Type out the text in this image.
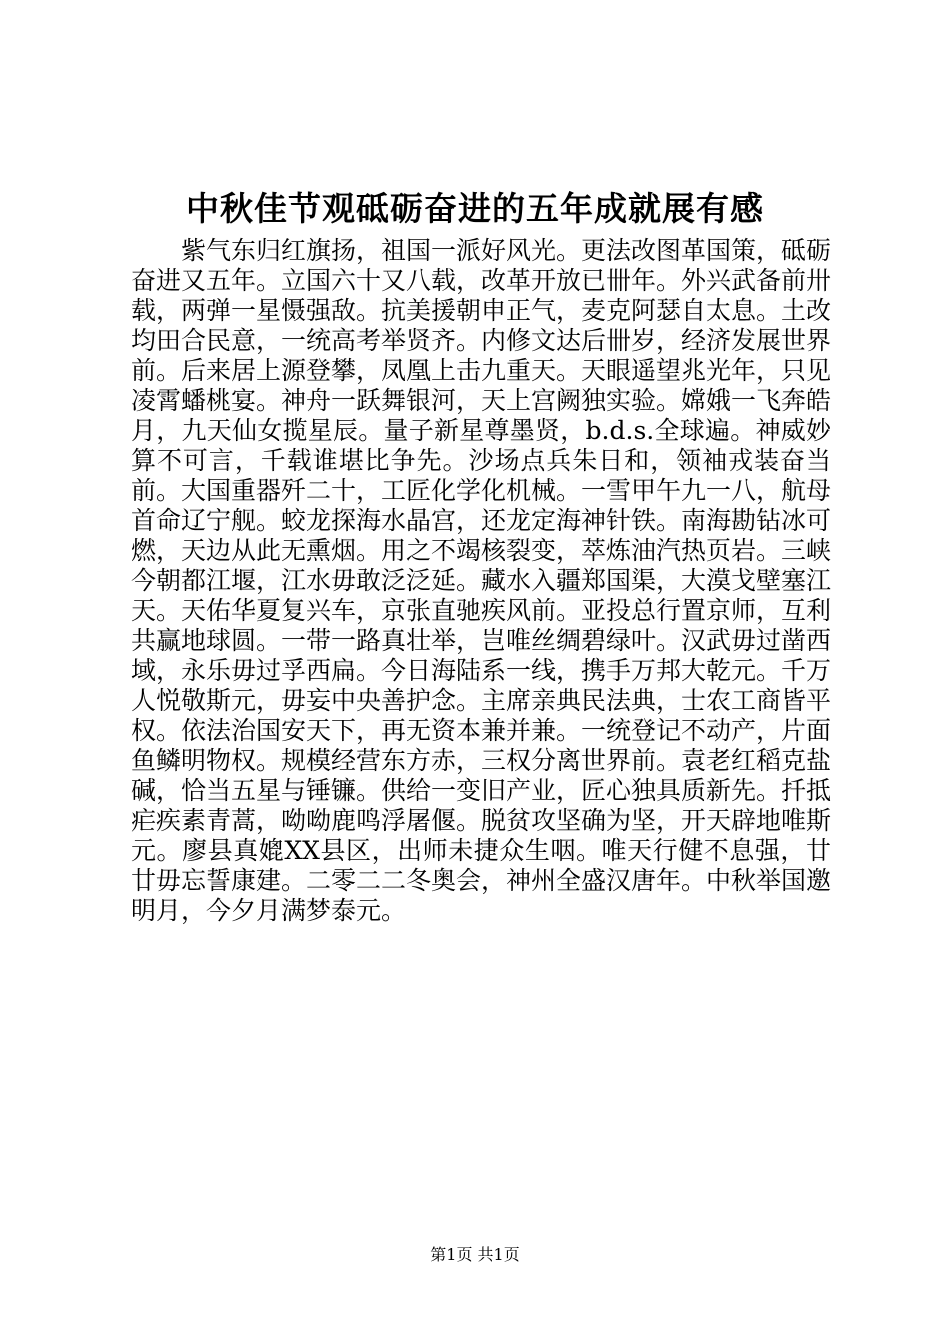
中秋佳节观砥砺奋进的五年成就展有感

紫气东归红旗扬，祖国一派好风光。更法改图革国策，砥砺奋进又五年。立国六十又八载，改革开放已卌年。外兴武备前卅载，两弹一星慑强敌。抗美援朝申正气，麦克阿瑟自太息。土改均田合民意，一统高考举贤齐。内修文达后卌岁，经济发展世界前。后来居上源登攀，凤凰上击九重天。天眼遥望兆光年，只见凌霄蟠桃宴。神舟一跃舞银河，天上宫阙独实验。嫦娥一飞奔皓月，九天仙女揽星辰。量子新星尊墨贤，b.d.s.全球遍。神威妙算不可言，千载谁堪比争先。沙场点兵朱日和，领袖戎装奋当前。大国重器歼二十，工匠化学化机械。一雪甲午九一八，航母首命辽宁舰。蛟龙探海水晶宫，还龙定海神针铁。南海勘钻冰可燃，天边从此无熏烟。用之不竭核裂变，萃炼油汽热页岩。三峡今朝都江堰，江水毋敢泛泛延。藏水入疆郑国渠，大漠戈壁塞江天。天佑华夏复兴车，京张直驰疾风前。亚投总行置京师，互利共赢地球圆。一带一路真壮举，岂唯丝绸碧绿叶。汉武毋过凿西域，永乐毋过孚西扁。今日海陆系一线，携手万邦大乾元。千万人悦敬斯元，毋妄中央善护念。主席亲典民法典，士农工商皆平权。依法治国安天下，再无资本兼并兼。一统登记不动产，片面鱼鳞明物权。规模经营东方赤，三权分离世界前。袁老红稻克盐碱，恰当五星与锤镰。供给一变旧产业，匠心独具质新先。扦抵疟疾素青蒿，呦呦鹿鸣浮屠偃。脱贫攻坚确为坚，开天辟地唯斯元。廖县真媲XX县区，出师未捷众生咽。唯天行健不息强，廿廿毋忘誓康建。二零二二冬奥会，神州全盛汉唐年。中秋举国邀明月，今夕月满梦泰元。

第1页 共1页
